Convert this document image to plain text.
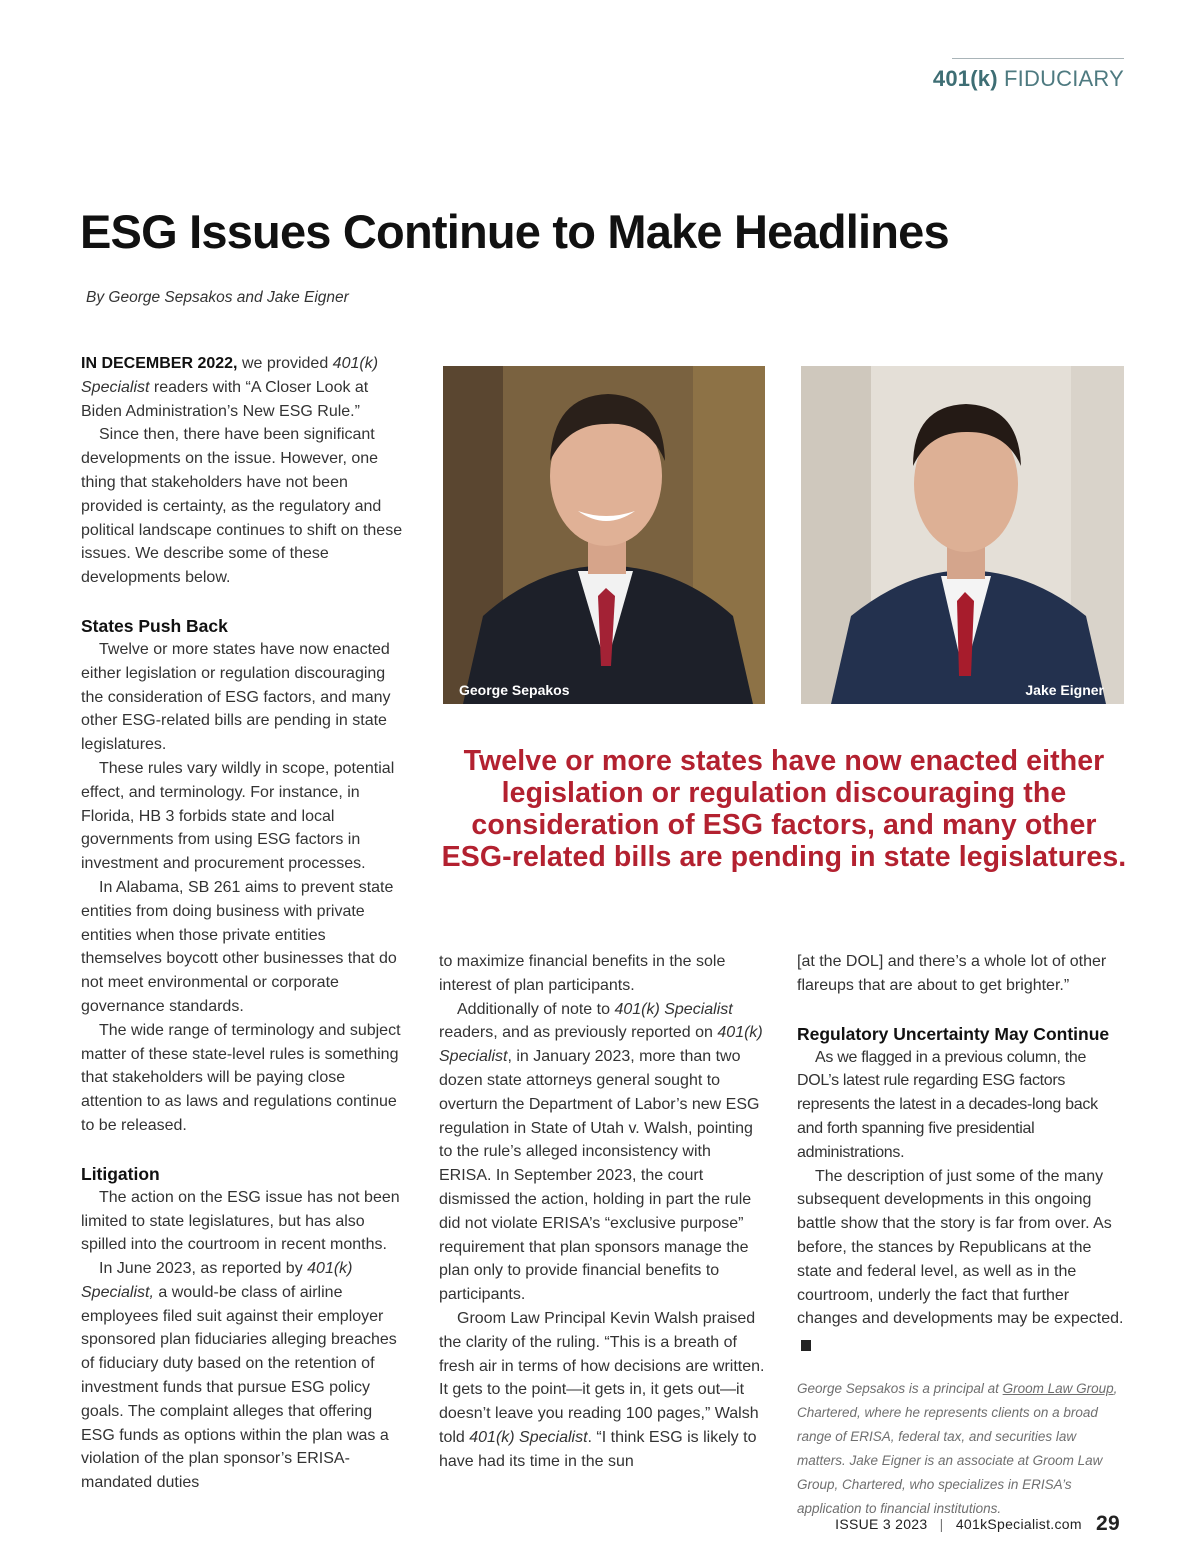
401(k) FIDUCIARY
ESG Issues Continue to Make Headlines
By George Sepsakos and Jake Eigner

IN DECEMBER 2022, we provided 401(k) Specialist readers with “A Closer Look at Biden Administration’s New ESG Rule.”

Since then, there have been significant developments on the issue. However, one thing that stakeholders have not been provided is certainty, as the regulatory and political landscape continues to shift on these issues. We describe some of these developments below.

States Push Back

Twelve or more states have now enacted either legislation or regulation discouraging the consideration of ESG factors, and many other ESG-related bills are pending in state legislatures.

These rules vary wildly in scope, potential effect, and terminology. For instance, in Florida, HB 3 forbids state and local governments from using ESG factors in investment and procurement processes.

In Alabama, SB 261 aims to prevent state entities from doing business with private entities when those private entities themselves boycott other businesses that do not meet environmental or corporate governance standards.

The wide range of terminology and subject matter of these state-level rules is something that stakeholders will be paying close attention to as laws and regulations continue to be released.

Litigation

The action on the ESG issue has not been limited to state legislatures, but has also spilled into the courtroom in recent months.

In June 2023, as reported by 401(k) Specialist, a would-be class of airline employees filed suit against their employer sponsored plan fiduciaries alleging breaches of fiduciary duty based on the retention of investment funds that pursue ESG policy goals. The complaint alleges that offering ESG funds as options within the plan was a violation of the plan sponsor’s ERISA-mandated duties

George Sepakos	Jake Eigner
Twelve or more states have now enacted either legislation or regulation discouraging the consideration of ESG factors, and many other ESG-related bills are pending in state legislatures.

to maximize financial benefits in the sole interest of plan participants.

Additionally of note to 401(k) Specialist readers, and as previously reported on 401(k) Specialist, in January 2023, more than two dozen state attorneys general sought to overturn the Department of Labor’s new ESG regulation in State of Utah v. Walsh, pointing to the rule’s alleged inconsistency with ERISA. In September 2023, the court dismissed the action, holding in part the rule did not violate ERISA’s “exclusive purpose” requirement that plan sponsors manage the plan only to provide financial benefits to participants.

Groom Law Principal Kevin Walsh praised the clarity of the ruling. “This is a breath of fresh air in terms of how decisions are written. It gets to the point—it gets in, it gets out—it doesn’t leave you reading 100 pages,” Walsh told 401(k) Specialist. “I think ESG is likely to have had its time in the sun

[at the DOL] and there’s a whole lot of other flareups that are about to get brighter.”

Regulatory Uncertainty May Continue

As we flagged in a previous column, the DOL’s latest rule regarding ESG factors represents the latest in a decades-long back and forth spanning five presidential administrations.

The description of just some of the many subsequent developments in this ongoing battle show that the story is far from over. As before, the stances by Republicans at the state and federal level, as well as in the courtroom, underly the fact that further changes and developments may be expected.K

George Sepsakos is a principal at Groom Law Group, Chartered, where he represents clients on a broad range of ERISA, federal tax, and securities law matters. Jake Eigner is an associate at Groom Law Group, Chartered, who specializes in ERISA’s application to financial institutions.
ISSUE 3 2023 | 401kSpecialist.com 29
